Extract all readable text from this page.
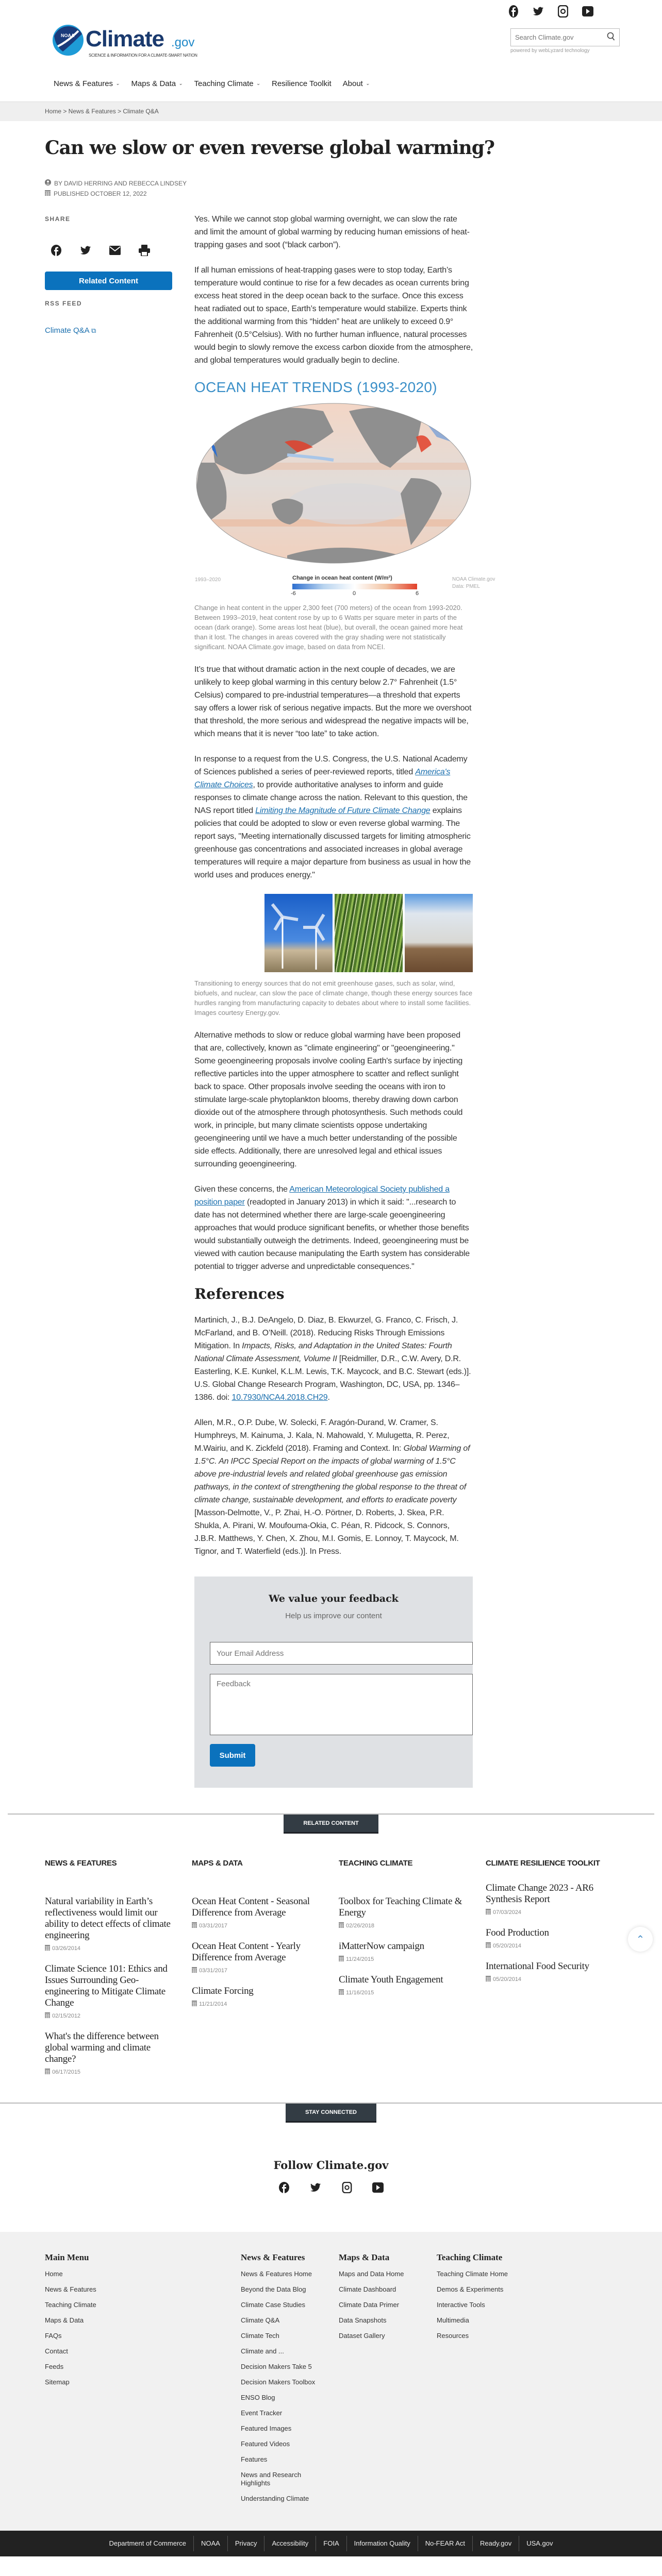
NOAA Climate .gov
SCIENCE & INFORMATION FOR A CLIMATE-SMART NATION
Search Climate.gov
powered by webLyzard technology
News & Features ⌄ Maps & Data ⌄ Teaching Climate ⌄ Resilience Toolkit About ⌄
Home > News & Features > Climate Q&A
Can we slow or even reverse global warming?
BY DAVID HERRING AND REBECCA LINDSEY
PUBLISHED OCTOBER 12, 2022
SHARE
Related Content
RSS FEED
Climate Q&A ⧉

Yes. While we cannot stop global warming overnight, we can slow the rate and limit the amount of global warming by reducing human emissions of heat-trapping gases and soot (“black carbon”).

If all human emissions of heat-trapping gases were to stop today, Earth’s temperature would continue to rise for a few decades as ocean currents bring excess heat stored in the deep ocean back to the surface. Once this excess heat radiated out to space, Earth’s temperature would stabilize. Experts think the additional warming from this “hidden” heat are unlikely to exceed 0.9° Fahrenheit (0.5°Celsius). With no further human influence, natural processes would begin to slowly remove the excess carbon dioxide from the atmosphere, and global temperatures would gradually begin to decline.

OCEAN HEAT TRENDS (1993-2020)
1993–2020	Change in ocean heat content (W/m²)
-6	0	6
NOAA Climate.gov
Data: PMEL

Change in heat content in the upper 2,300 feet (700 meters) of the ocean from 1993-2020. Between 1993–2019, heat content rose by up to 6 Watts per square meter in parts of the ocean (dark orange). Some areas lost heat (blue), but overall, the ocean gained more heat than it lost. The changes in areas covered with the gray shading were not statistically significant. NOAA Climate.gov image, based on data from NCEI.

It’s true that without dramatic action in the next couple of decades, we are unlikely to keep global warming in this century below 2.7° Fahrenheit (1.5° Celsius) compared to pre-industrial temperatures—a threshold that experts say offers a lower risk of serious negative impacts. But the more we overshoot that threshold, the more serious and widespread the negative impacts will be, which means that it is never “too late” to take action.

In response to a request from the U.S. Congress, the U.S. National Academy of Sciences published a series of peer-reviewed reports, titled America's Climate Choices, to provide authoritative analyses to inform and guide responses to climate change across the nation. Relevant to this question, the NAS report titled Limiting the Magnitude of Future Climate Change explains policies that could be adopted to slow or even reverse global warming. The report says, "Meeting internationally discussed targets for limiting atmospheric greenhouse gas concentrations and associated increases in global average temperatures will require a major departure from business as usual in how the world uses and produces energy."

Transitioning to energy sources that do not emit greenhouse gases, such as solar, wind, biofuels, and nuclear, can slow the pace of climate change, though these energy sources face hurdles ranging from manufacturing capacity to debates about where to install some facilities. Images courtesy Energy.gov.

Alternative methods to slow or reduce global warming have been proposed that are, collectively, known as "climate engineering" or "geoengineering." Some geoengineering proposals involve cooling Earth's surface by injecting reflective particles into the upper atmosphere to scatter and reflect sunlight back to space. Other proposals involve seeding the oceans with iron to stimulate large-scale phytoplankton blooms, thereby drawing down carbon dioxide out of the atmosphere through photosynthesis. Such methods could work, in principle, but many climate scientists oppose undertaking geoengineering until we have a much better understanding of the possible side effects. Additionally, there are unresolved legal and ethical issues surrounding geoengineering.

Given these concerns, the American Meteorological Society published a position paper (readopted in January 2013) in which it said: "...research to date has not determined whether there are large-scale geoengineering approaches that would produce significant benefits, or whether those benefits would substantially outweigh the detriments. Indeed, geoengineering must be viewed with caution because manipulating the Earth system has considerable potential to trigger adverse and unpredictable consequences."

References

Martinich, J., B.J. DeAngelo, D. Diaz, B. Ekwurzel, G. Franco, C. Frisch, J. McFarland, and B. O’Neill. (2018). Reducing Risks Through Emissions Mitigation. In Impacts, Risks, and Adaptation in the United States: Fourth National Climate Assessment, Volume II [Reidmiller, D.R., C.W. Avery, D.R. Easterling, K.E. Kunkel, K.L.M. Lewis, T.K. Maycock, and B.C. Stewart (eds.)]. U.S. Global Change Research Program, Washington, DC, USA, pp. 1346–1386. doi: 10.7930/NCA4.2018.CH29.

Allen, M.R., O.P. Dube, W. Solecki, F. Aragón-Durand, W. Cramer, S. Humphreys, M. Kainuma, J. Kala, N. Mahowald, Y. Mulugetta, R. Perez, M.Wairiu, and K. Zickfeld (2018). Framing and Context. In: Global Warming of 1.5°C. An IPCC Special Report on the impacts of global warming of 1.5°C above pre-industrial levels and related global greenhouse gas emission pathways, in the context of strengthening the global response to the threat of climate change, sustainable development, and efforts to eradicate poverty [Masson-Delmotte, V., P. Zhai, H.-O. Pörtner, D. Roberts, J. Skea, P.R. Shukla, A. Pirani, W. Moufouma-Okia, C. Péan, R. Pidcock, S. Connors, J.B.R. Matthews, Y. Chen, X. Zhou, M.I. Gomis, E. Lonnoy, T. Maycock, M. Tignor, and T. Waterfield (eds.)]. In Press.

We value your feedback
Help us improve our content
Your Email Address
Feedback
Submit
RELATED CONTENT
NEWS & FEATURES
Natural variability in Earth’s reflectiveness would limit our ability to detect effects of climate engineering
03/26/2014
Climate Science 101: Ethics and Issues Surrounding Geo-engineering to Mitigate Climate Change
02/15/2012
What's the difference between global warming and climate change?
06/17/2015
MAPS & DATA
Ocean Heat Content - Seasonal Difference from Average
03/31/2017
Ocean Heat Content - Yearly Difference from Average
03/31/2017
Climate Forcing
11/21/2014
TEACHING CLIMATE
Toolbox for Teaching Climate & Energy
02/26/2018
iMatterNow campaign
11/24/2015
Climate Youth Engagement
11/16/2015
CLIMATE RESILIENCE TOOLKIT
Climate Change 2023 - AR6 Synthesis Report
07/03/2024
Food Production
05/20/2014
International Food Security
05/20/2014
⌃
STAY CONNECTED
Follow Climate.gov
Main Menu
Home
News & Features
Teaching Climate
Maps & Data
FAQs
Contact
Feeds
Sitemap
News & Features
News & Features Home
Beyond the Data Blog
Climate Case Studies
Climate Q&A
Climate Tech
Climate and ...
Decision Makers Take 5
Decision Makers Toolbox
ENSO Blog
Event Tracker
Featured Images
Featured Videos
Features
News and Research Highlights
Understanding Climate
Maps & Data
Maps and Data Home
Climate Dashboard
Climate Data Primer
Data Snapshots
Dataset Gallery
Teaching Climate
Teaching Climate Home
Demos & Experiments
Interactive Tools
Multimedia
Resources
Department of Commerce	NOAA	Privacy	Accessibility	FOIA	Information Quality	No-FEAR Act	Ready.gov	USA.gov
